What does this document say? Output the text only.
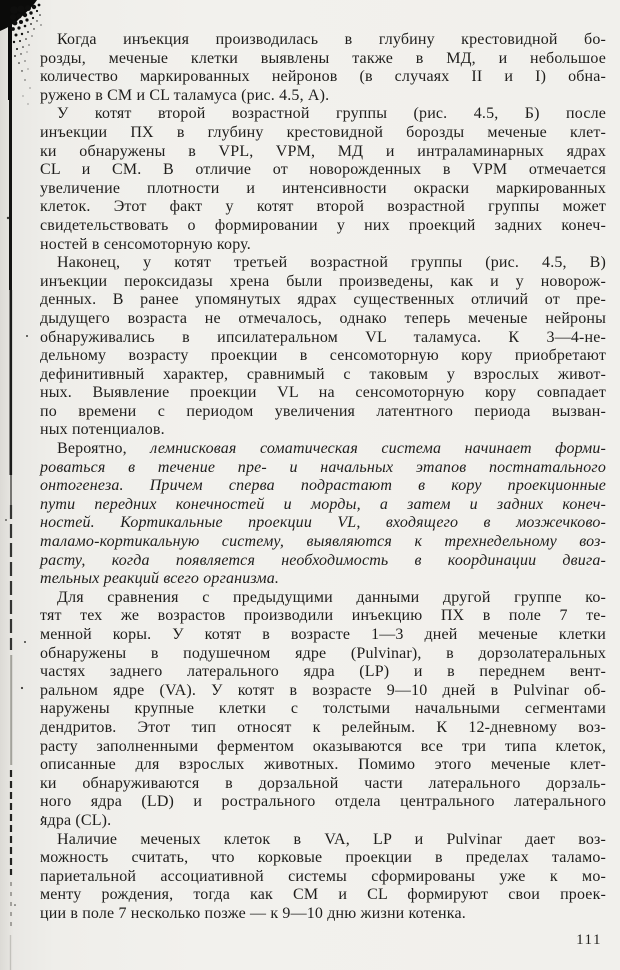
Когда инъекция производилась в глубину крестовидной бо-
розды, меченые клетки выявлены также в МД, и небольшое
количество маркированных нейронов (в случаях II и I) обна-
ружено в СМ и CL таламуса (рис. 4.5, А).
У котят второй возрастной группы (рис. 4.5, Б) после
инъекции ПХ в глубину крестовидной борозды меченые клет-
ки обнаружены в VPL, VPM, МД и интраламинарных ядрах
CL и СМ. В отличие от новорожденных в VPM отмечается
увеличение плотности и интенсивности окраски маркированных
клеток. Этот факт у котят второй возрастной группы может
свидетельствовать о формировании у них проекций задних конеч-
ностей в сенсомоторную кору.
Наконец, у котят третьей возрастной группы (рис. 4.5, В)
инъекции пероксидазы хрена были произведены, как и у новорож-
денных. В ранее упомянутых ядрах существенных отличий от пре-
дыдущего возраста не отмечалось, однако теперь меченые нейроны
обнаруживались в ипсилатеральном VL таламуса. К 3—4-не-
дельному возрасту проекции в сенсомоторную кору приобретают
дефинитивный характер, сравнимый с таковым у взрослых живот-
ных. Выявление проекции VL на сенсомоторную кору совпадает
по времени с периодом увеличения латентного периода вызван-
ных потенциалов.
Вероятно, лемнисковая соматическая система начинает форми-
роваться в течение пре- и начальных этапов постнатального
онтогенеза. Причем сперва подрастают в кору проекционные
пути передних конечностей и морды, а затем и задних конеч-
ностей. Кортикальные проекции VL, входящего в мозжечково-
таламо-кортикальную систему, выявляются к трехнедельному воз-
расту, когда появляется необходимость в координации двига-
тельных реакций всего организма.
Для сравнения с предыдущими данными другой группе ко-
тят тех же возрастов производили инъекцию ПХ в поле 7 те-
менной коры. У котят в возрасте 1—3 дней меченые клетки
обнаружены в подушечном ядре (Pulvinar), в дорзолатеральных
частях заднего латерального ядра (LP) и в переднем вент-
ральном ядре (VA). У котят в возрасте 9—10 дней в Pulvinar об-
наружены крупные клетки с толстыми начальными сегментами
дендритов. Этот тип относят к релейным. К 12-дневному воз-
расту заполненными ферментом оказываются все три типа клеток,
описанные для взрослых животных. Помимо этого меченые клет-
ки обнаруживаются в дорзальной части латерального дорзаль-
ного ядра (LD) и рострального отдела центрального латерального
ядра (CL).
Наличие меченых клеток в VA, LP и Pulvinar дает воз-
можность считать, что корковые проекции в пределах таламо-
париетальной ассоциативной системы сформированы уже к мо-
менту рождения, тогда как СМ и CL формируют свои проек-
ции в поле 7 несколько позже — к 9—10 дню жизни котенка.
111
